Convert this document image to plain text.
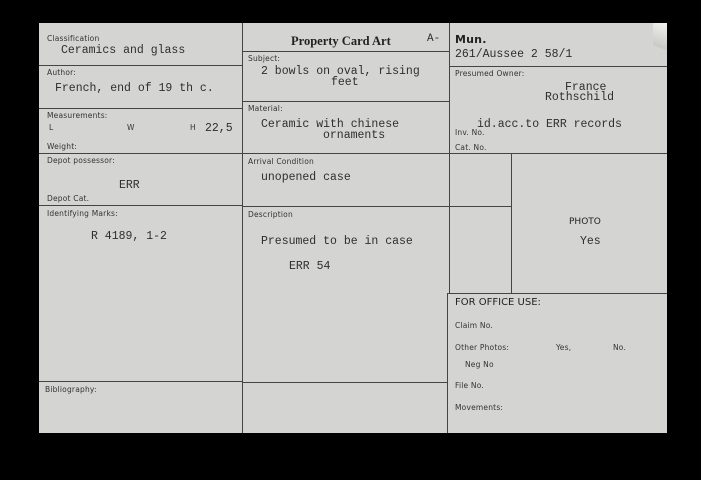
Classification
Ceramics and glass
Author:
French, end of 19 th c.
Measurements:
L	W	H 22,5
Weight:
Depot possessor:
ERR
Depot Cat.
Identifying Marks:
R 4189, 1-2
Bibliography:
Property Card Art	A-
Subject:
2 bowls on oval, rising
feet
Material:
Ceramic with chinese
ornaments
Arrival Condition
unopened case
Description
Presumed to be in case
ERR 54
Mun.
261/Aussee 2 58/1
Presumed Owner:
France
Rothschild
id.acc.to ERR records
Inv. No.
Cat. No.
PHOTO
Yes
FOR OFFICE USE:
Claim No.
Other Photos:	Yes,	No.
Neg No
File No.
Movements:
